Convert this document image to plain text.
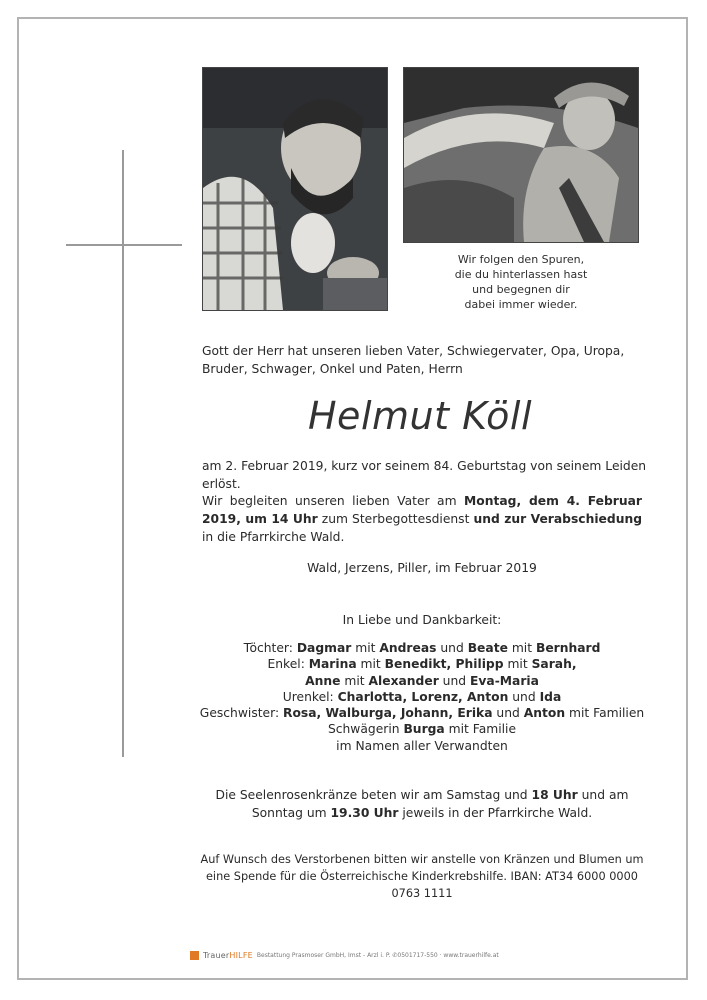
Wir folgen den Spuren,
die du hinterlassen hast
und begegnen dir
dabei immer wieder.
Gott der Herr hat unseren lieben Vater, Schwiegervater, Opa, Uropa, Bruder, Schwager, Onkel und Paten, Herrn
Helmut Köll
am 2. Februar 2019, kurz vor seinem 84. Geburtstag von seinem Leiden erlöst.
Wir begleiten unseren lieben Vater am Montag, dem 4. Februar 2019, um 14 Uhr zum Sterbegottesdienst und zur Verabschiedung in die Pfarrkirche Wald.
Wald, Jerzens, Piller, im Februar 2019
In Liebe und Dankbarkeit:
Töchter: Dagmar mit Andreas und Beate mit Bernhard
Enkel: Marina mit Benedikt, Philipp mit Sarah,
Anne mit Alexander und Eva-Maria
Urenkel: Charlotta, Lorenz, Anton und Ida
Geschwister: Rosa, Walburga, Johann, Erika und Anton mit Familien
Schwägerin Burga mit Familie
im Namen aller Verwandten
Die Seelenrosenkränze beten wir am Samstag und 18 Uhr und am Sonntag um 19.30 Uhr jeweils in der Pfarrkirche Wald.
Auf Wunsch des Verstorbenen bitten wir anstelle von Kränzen und Blumen um eine Spende für die Österreichische Kinderkrebshilfe. IBAN: AT34 6000 0000 0763 1111
TrauerHILFE Bestattung Prasmoser GmbH, Imst - Arzl i. P. ✆0501717-550 · www.trauerhilfe.at
